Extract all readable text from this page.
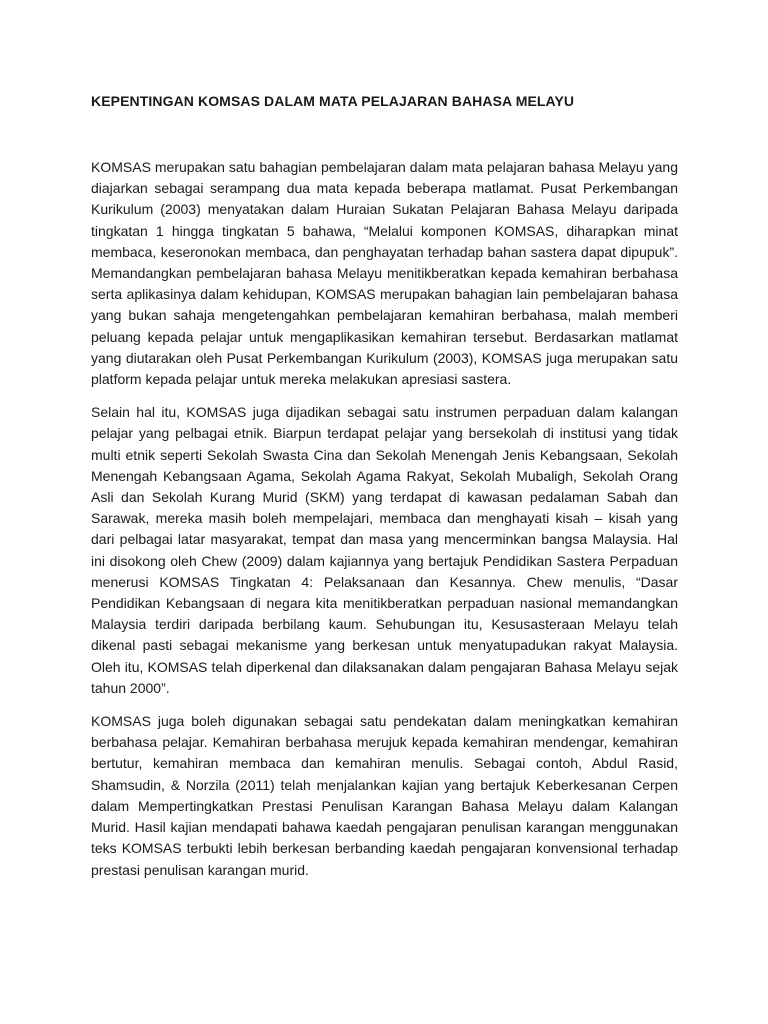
KEPENTINGAN KOMSAS DALAM MATA PELAJARAN BAHASA MELAYU

KOMSAS merupakan satu bahagian pembelajaran dalam mata pelajaran bahasa Melayu yang diajarkan sebagai serampang dua mata kepada beberapa matlamat. Pusat Perkembangan Kurikulum (2003) menyatakan dalam Huraian Sukatan Pelajaran Bahasa Melayu daripada tingkatan 1 hingga tingkatan 5 bahawa, “Melalui komponen KOMSAS, diharapkan minat membaca, keseronokan membaca, dan penghayatan terhadap bahan sastera dapat dipupuk”. Memandangkan pembelajaran bahasa Melayu menitikberatkan kepada kemahiran berbahasa serta aplikasinya dalam kehidupan, KOMSAS merupakan bahagian lain pembelajaran bahasa yang bukan sahaja mengetengahkan pembelajaran kemahiran berbahasa, malah memberi peluang kepada pelajar untuk mengaplikasikan kemahiran tersebut. Berdasarkan matlamat yang diutarakan oleh Pusat Perkembangan Kurikulum (2003), KOMSAS juga merupakan satu platform kepada pelajar untuk mereka melakukan apresiasi sastera.

Selain hal itu, KOMSAS juga dijadikan sebagai satu instrumen perpaduan dalam kalangan pelajar yang pelbagai etnik. Biarpun terdapat pelajar yang bersekolah di institusi yang tidak multi etnik seperti Sekolah Swasta Cina dan Sekolah Menengah Jenis Kebangsaan, Sekolah Menengah Kebangsaan Agama, Sekolah Agama Rakyat, Sekolah Mubaligh, Sekolah Orang Asli dan Sekolah Kurang Murid (SKM) yang terdapat di kawasan pedalaman Sabah dan Sarawak, mereka masih boleh mempelajari, membaca dan menghayati kisah – kisah yang dari pelbagai latar masyarakat, tempat dan masa yang mencerminkan bangsa Malaysia. Hal ini disokong oleh Chew (2009) dalam kajiannya yang bertajuk Pendidikan Sastera Perpaduan menerusi KOMSAS Tingkatan 4: Pelaksanaan dan Kesannya. Chew menulis, “Dasar Pendidikan Kebangsaan di negara kita menitikberatkan perpaduan nasional memandangkan Malaysia terdiri daripada berbilang kaum. Sehubungan itu, Kesusasteraan Melayu telah dikenal pasti sebagai mekanisme yang berkesan untuk menyatupadukan rakyat Malaysia. Oleh itu, KOMSAS telah diperkenal dan dilaksanakan dalam pengajaran Bahasa Melayu sejak tahun 2000”.

KOMSAS juga boleh digunakan sebagai satu pendekatan dalam meningkatkan kemahiran berbahasa pelajar. Kemahiran berbahasa merujuk kepada kemahiran mendengar, kemahiran bertutur, kemahiran membaca dan kemahiran menulis. Sebagai contoh, Abdul Rasid, Shamsudin, & Norzila (2011) telah menjalankan kajian yang bertajuk Keberkesanan Cerpen dalam Mempertingkatkan Prestasi Penulisan Karangan Bahasa Melayu dalam Kalangan Murid. Hasil kajian mendapati bahawa kaedah pengajaran penulisan karangan menggunakan teks KOMSAS terbukti lebih berkesan berbanding kaedah pengajaran konvensional terhadap prestasi penulisan karangan murid.
